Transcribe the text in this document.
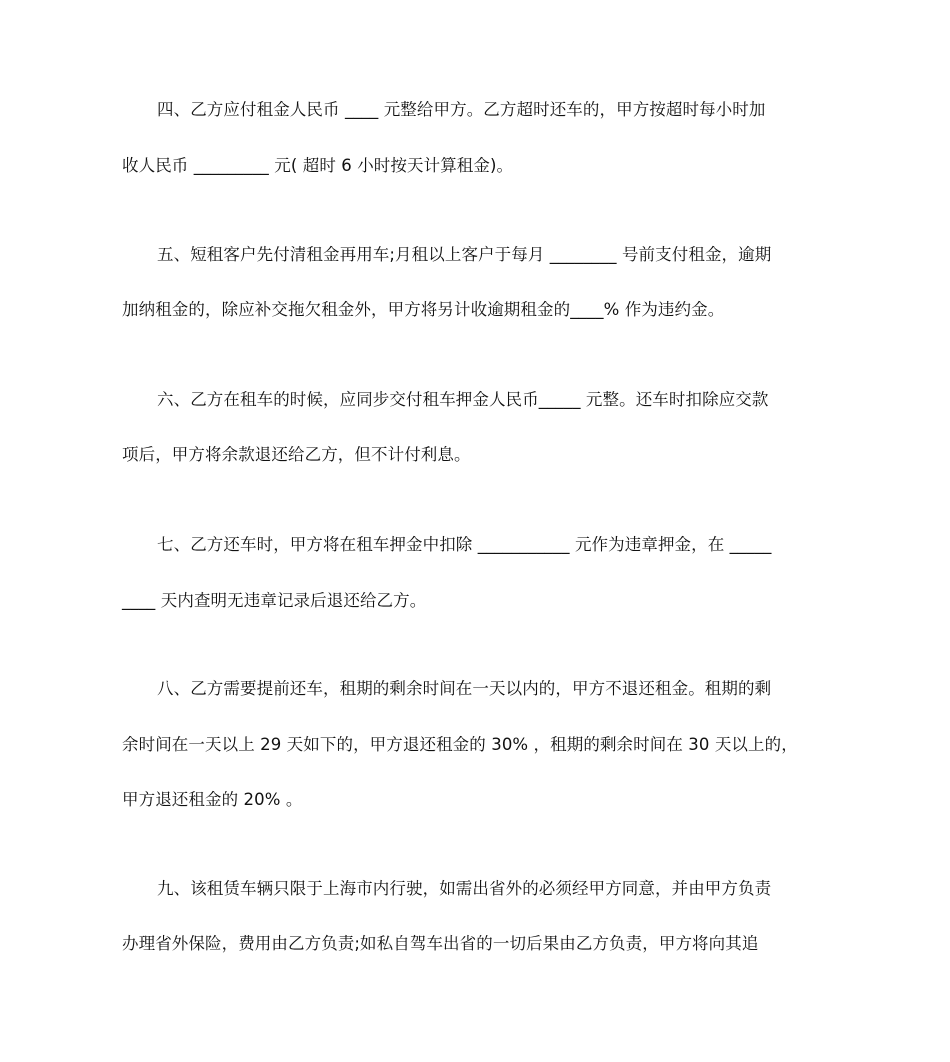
四、乙方应付租金人民币 ____ 元整给甲方。乙方超时还车的，甲方按超时每小时加
收人民币 _________ 元( 超时 6 小时按天计算租金)。
五、短租客户先付清租金再用车;月租以上客户于每月 ________ 号前支付租金，逾期
加纳租金的，除应补交拖欠租金外，甲方将另计收逾期租金的____% 作为违约金。
六、乙方在租车的时候，应同步交付租车押金人民币_____ 元整。还车时扣除应交款
项后，甲方将余款退还给乙方，但不计付利息。
七、乙方还车时，甲方将在租车押金中扣除 ___________ 元作为违章押金，在 _____
____ 天内查明无违章记录后退还给乙方。
八、乙方需要提前还车，租期的剩余时间在一天以内的，甲方不退还租金。租期的剩
余时间在一天以上 29 天如下的，甲方退还租金的 30% ，租期的剩余时间在 30 天以上的，
甲方退还租金的 20% 。
九、该租赁车辆只限于上海市内行驶，如需出省外的必须经甲方同意，并由甲方负责
办理省外保险，费用由乙方负责;如私自驾车出省的一切后果由乙方负责，甲方将向其追
